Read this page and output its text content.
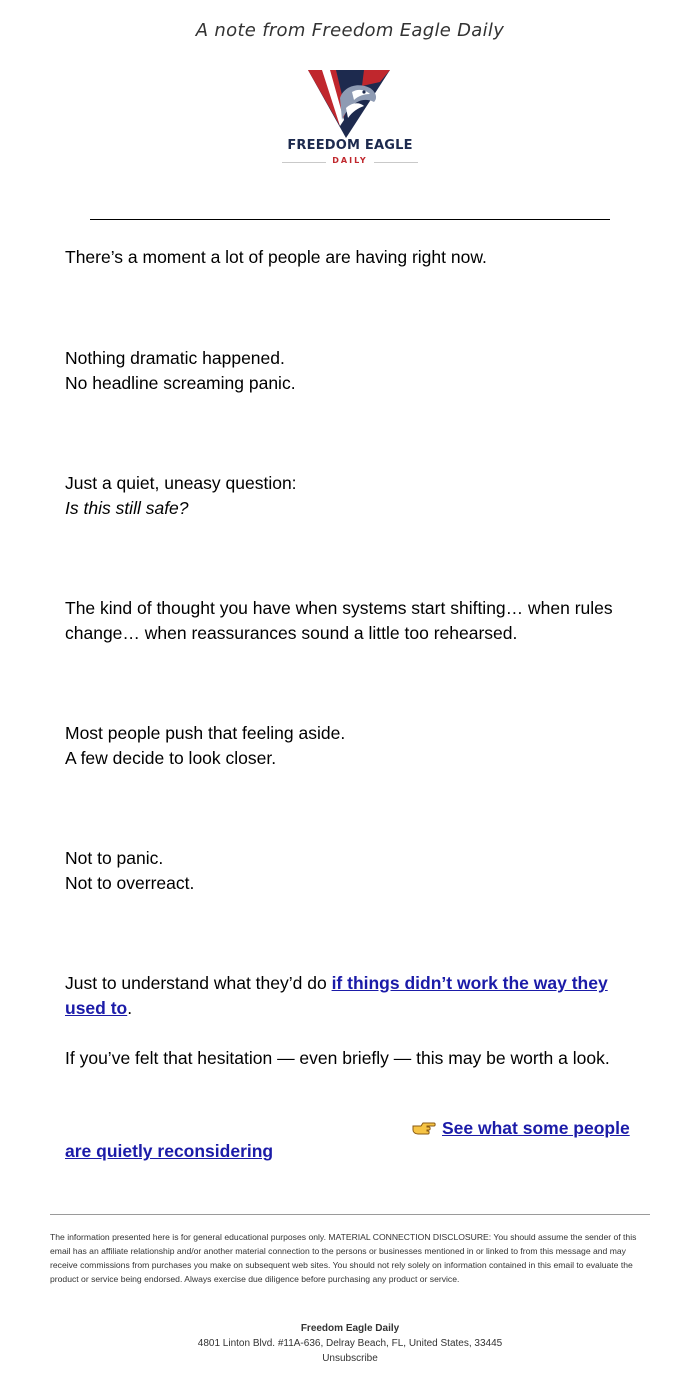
A note from Freedom Eagle Daily
FREEDOM EAGLE
DAILY
There’s a moment a lot of people are having right now.
Nothing dramatic happened.
No headline screaming panic.
Just a quiet, uneasy question:
Is this still safe?
The kind of thought you have when systems start shifting… when rules change… when reassurances sound a little too rehearsed.
Most people push that feeling aside.
A few decide to look closer.
Not to panic.
Not to overreact.
Just to understand what they’d do if things didn’t work the way they used to.
If you’ve felt that hesitation — even briefly — this may be worth a look.
See what some people
are quietly reconsidering
The information presented here is for general educational purposes only. MATERIAL CONNECTION DISCLOSURE: You should assume the sender of this email has an affiliate relationship and/or another material connection to the persons or businesses mentioned in or linked to from this message and may receive commissions from purchases you make on subsequent web sites. You should not rely solely on information contained in this email to evaluate the product or service being endorsed. Always exercise due diligence before purchasing any product or service.
Freedom Eagle Daily
4801 Linton Blvd. #11A-636, Delray Beach, FL, United States, 33445
Unsubscribe
